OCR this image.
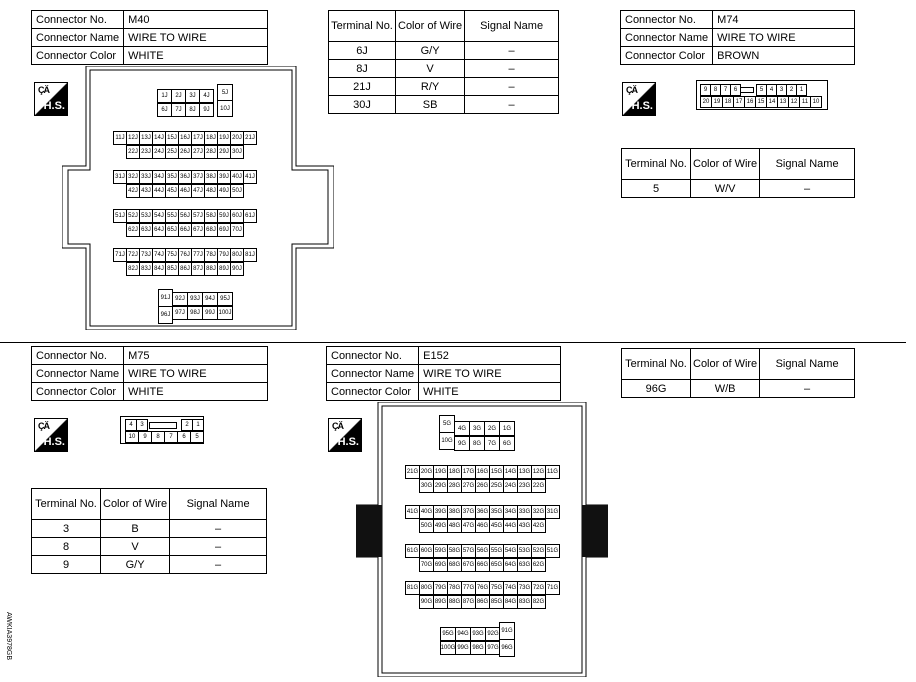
Connector No.	M40
Connector Name	WIRE TO WIRE
Connector Color	WHITE
ÇÄ
H.S.
1J	2J	3J	4J
6J	7J	8J	9J
5J
10J
11J 12J 13J 14J 15J 16J 17J 18J 19J 20J 21J
22J 23J 24J 25J 26J 27J 28J 29J 30J
31J 32J 33J 34J 35J 36J 37J 38J 39J 40J 41J
42J 43J 44J 45J 46J 47J 48J 49J 50J
51J 52J 53J 54J 55J 56J 57J 58J 59J 60J 61J
62J 63J 64J 65J 66J 67J 68J 69J 70J
71J 72J 73J 74J 75J 76J 77J 78J 79J 80J 81J
82J 83J 84J 85J 86J 87J 88J 89J 90J
91J
96J
92J 93J 94J 95J
97J 98J 99J 100J
Terminal No.	Color of Wire	Signal Name
6J	G/Y	–
8J	V	–
21J	R/Y	–
30J	SB	–
Connector No.	M74
Connector Name	WIRE TO WIRE
Connector Color	BROWN
ÇÄ
H.S.
9	8	7	6	5	4	3	2	1
20 19 18 17 16 15 14 13 12 11 10
Terminal No.	Color of Wire	Signal Name
5	W/V	–
Connector No.	M75
Connector Name	WIRE TO WIRE
Connector Color	WHITE
ÇÄ
H.S.
4	3	2	1
10	9	8	7	6	5
Terminal No.	Color of Wire	Signal Name
3	B	–
8	V	–
9	G/Y	–
Connector No.	E152
Connector Name	WIRE TO WIRE
Connector Color	WHITE
ÇÄ
H.S.
5G
10G
4G	3G	2G	1G
9G	8G	7G	6G
21G 20G 19G 18G 17G 16G 15G 14G 13G 12G 11G
30G 29G 28G 27G 26G 25G 24G 23G 22G
41G 40G 39G 38G 37G 36G 35G 34G 33G 32G 31G
50G 49G 48G 47G 46G 45G 44G 43G 42G
61G 60G 59G 58G 57G 56G 55G 54G 53G 52G 51G
70G 69G 68G 67G 66G 65G 64G 63G 62G
81G 80G 79G 78G 77G 76G 75G 74G 73G 72G 71G
90G 89G 88G 87G 86G 85G 84G 83G 82G
95G 94G 93G 92G
100G 99G 98G 97G
91G
96G
Terminal No.	Color of Wire	Signal Name
96G	W/B	–
AWKIA3978GB
